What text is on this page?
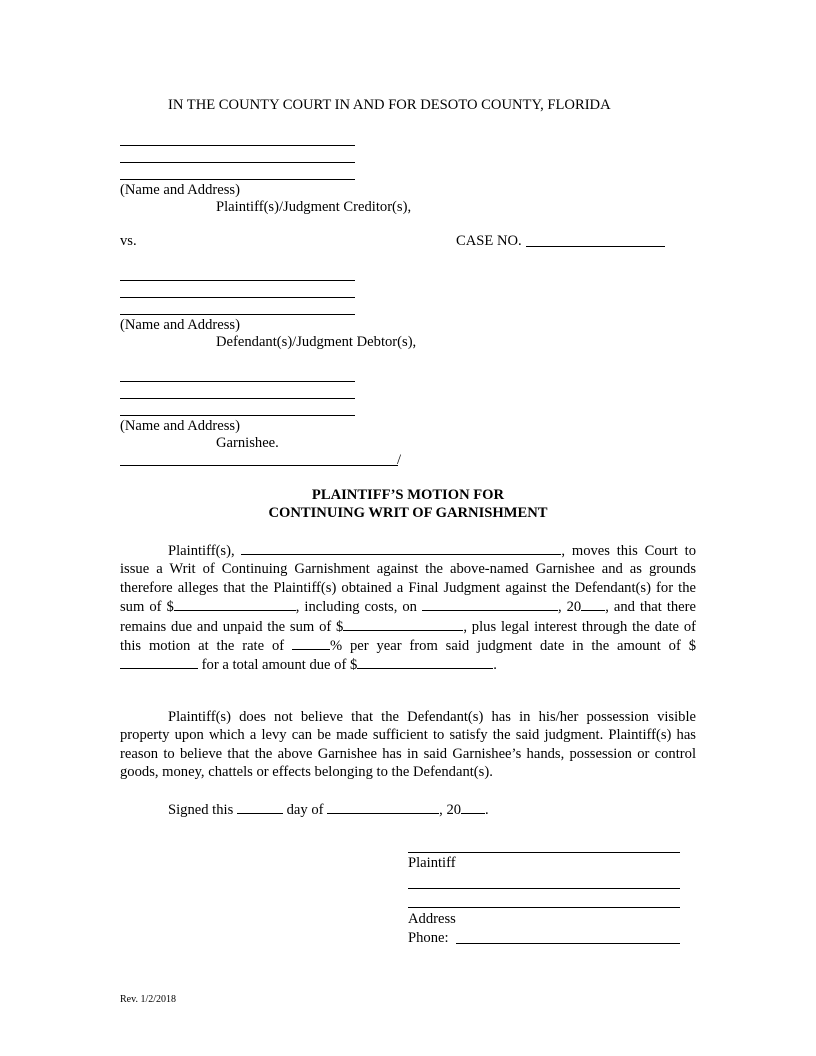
IN THE COUNTY COURT IN AND FOR DESOTO COUNTY, FLORIDA
(Name and Address)
Plaintiff(s)/Judgment Creditor(s),
vs.	CASE NO.
(Name and Address)
Defendant(s)/Judgment Debtor(s),
(Name and Address)
Garnishee.
/
PLAINTIFF’S MOTION FOR
CONTINUING WRIT OF GARNISHMENT
Plaintiff(s),	, moves this Court to issue a Writ of Continuing Garnishment against the above-named Garnishee and as grounds therefore alleges that the Plaintiff(s) obtained a Final Judgment against the Defendant(s) for the sum of $	, including costs, on	, 20 , and that there remains due and unpaid the sum of $	, plus legal interest through the date of this motion at the rate of	% per year from said judgment date in the amount of $ for a total amount due of $	.
Plaintiff(s) does not believe that the Defendant(s) has in his/her possession visible property upon which a levy can be made sufficient to satisfy the said judgment. Plaintiff(s) has reason to believe that the above Garnishee has in said Garnishee’s hands, possession or control goods, money, chattels or effects belonging to the Defendant(s).
Signed this	day of	, 20 .
Plaintiff
Address
Phone:
Rev. 1/2/2018
